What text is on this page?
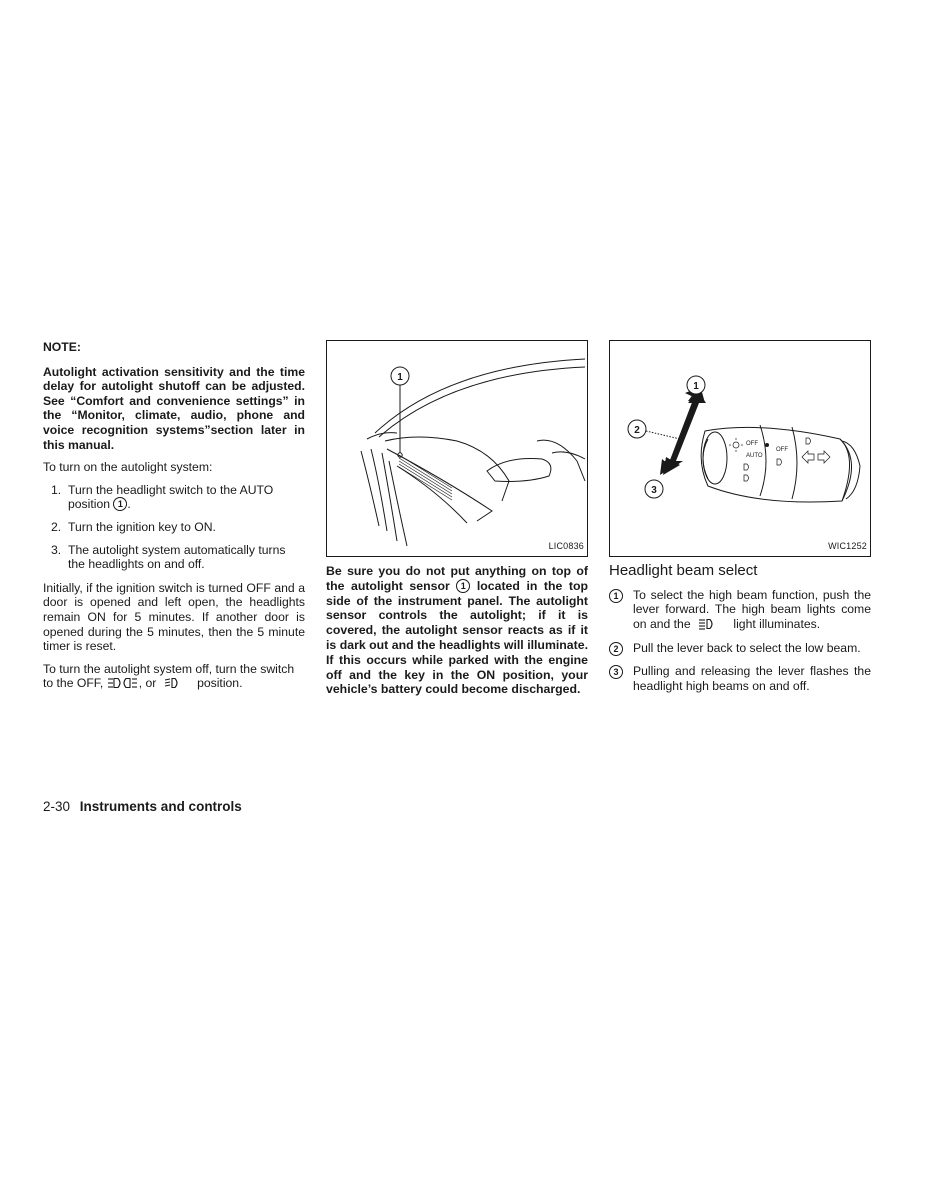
NOTE:

Autolight activation sensitivity and the time delay for autolight shutoff can be adjusted. See “Comfort and convenience settings” in the “Monitor, climate, audio, phone and voice recognition systems”section later in this manual.

To turn on the autolight system:

1. Turn the headlight switch to the AUTO position 1 .
2. Turn the ignition key to ON.
3. The autolight system automatically turns the headlights on and off.

Initially, if the ignition switch is turned OFF and a door is opened and left open, the headlights remain ON for 5 minutes. If another door is opened during the 5 minutes, then the 5 minute timer is reset.

To turn the autolight system off, turn the switch to the OFF,	, or	position.

1
LIC0836
Be sure you do not put anything on top of the autolight sensor 1 located in the top side of the instrument panel. The autolight sensor controls the autolight; if it is covered, the autolight sensor reacts as if it is dark out and the headlights will illuminate. If this occurs while parked with the engine off and the key in the ON position, your vehicle’s battery could become discharged.
1
2
3
OFF
AUTO
OFF
WIC1252
Headlight beam select
1	To select the high beam function, push the lever forward. The high beam lights come on and the	light illuminates.
2	Pull the lever back to select the low beam.
3	Pulling and releasing the lever flashes the headlight high beams on and off.
2-30 Instruments and controls
